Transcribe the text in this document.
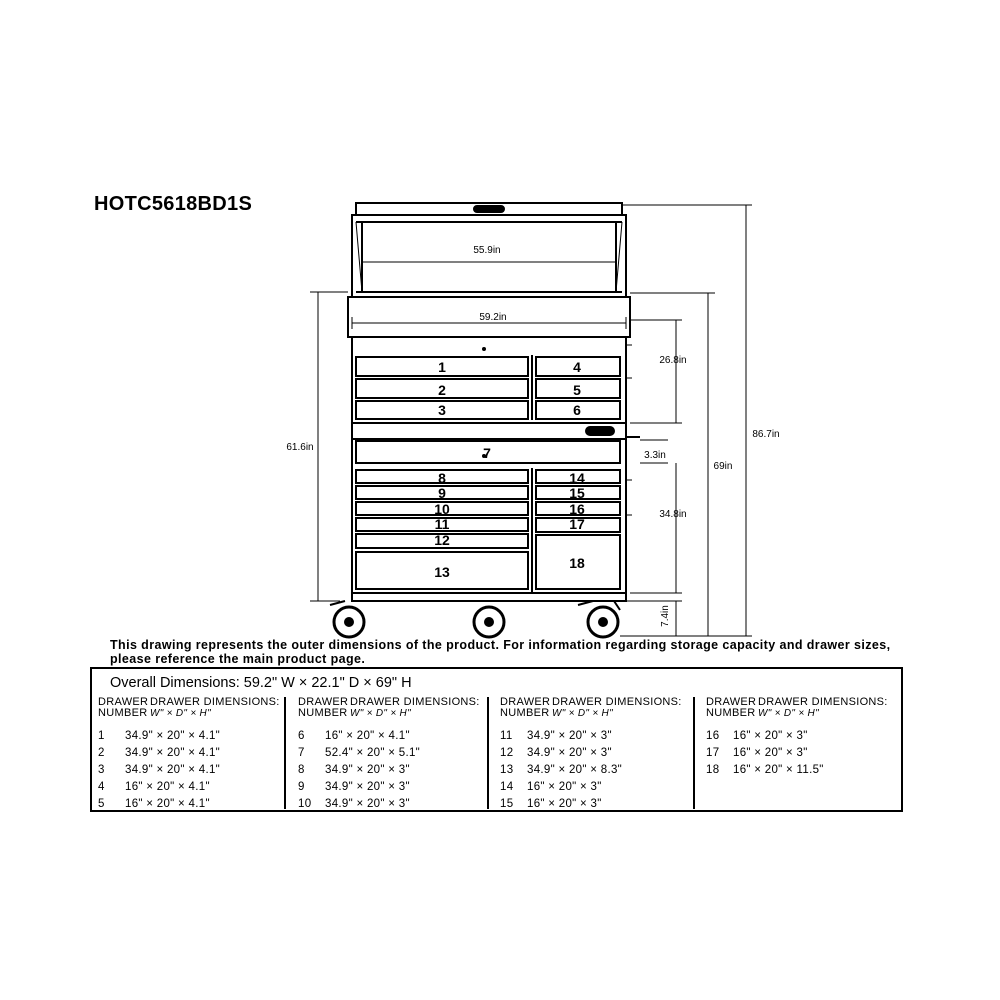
HOTC5618BD1S
55.9in
59.2in
61.6in
86.7in
69in
26.8in
3.3in
34.8in
7.4in
1
2
3
4
5
6
7
8
9
10
11
12
13
14
15
16
17
18
This drawing represents the outer dimensions of the product. For information regarding storage capacity and drawer sizes, please reference the main product page.
Overall Dimensions: 59.2" W × 22.1" D × 69" H
DRAWER DRAWER DIMENSIONS:
NUMBER W" × D" × H"
1 34.9" × 20" × 4.1"
2 34.9" × 20" × 4.1"
3 34.9" × 20" × 4.1"
4 16" × 20" × 4.1"
5 16" × 20" × 4.1"
DRAWER DRAWER DIMENSIONS:
NUMBER W" × D" × H"
6 16" × 20" × 4.1"
7 52.4" × 20" × 5.1"
8 34.9" × 20" × 3"
9 34.9" × 20" × 3"
10 34.9" × 20" × 3"
DRAWER DRAWER DIMENSIONS:
NUMBER W" × D" × H"
11 34.9" × 20" × 3"
12 34.9" × 20" × 3"
13 34.9" × 20" × 8.3"
14 16" × 20" × 3"
15 16" × 20" × 3"
DRAWER DRAWER DIMENSIONS:
NUMBER W" × D" × H"
16 16" × 20" × 3"
17 16" × 20" × 3"
18 16" × 20" × 11.5"
